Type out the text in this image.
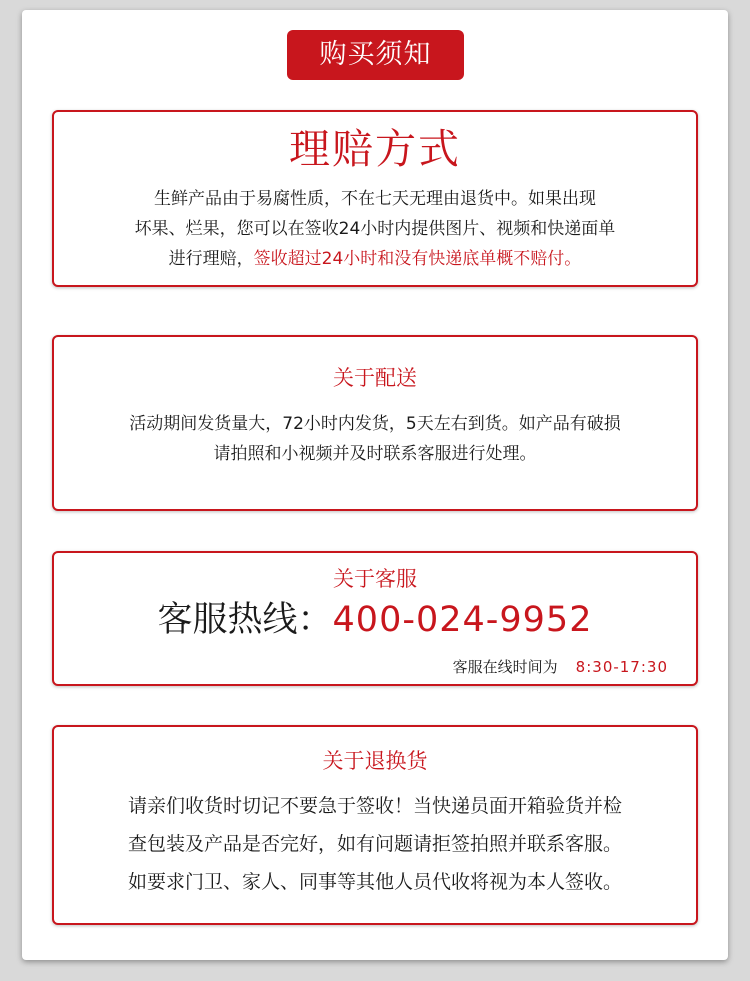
购买须知
理赔方式
生鲜产品由于易腐性质，不在七天无理由退货中。如果出现
坏果、烂果，您可以在签收24小时内提供图片、视频和快递面单
进行理赔，签收超过24小时和没有快递底单概不赔付。
关于配送
活动期间发货量大，72小时内发货，5天左右到货。如产品有破损
请拍照和小视频并及时联系客服进行处理。
关于客服
客服热线：400-024-9952
客服在线时间为 8:30-17:30
关于退换货
请亲们收货时切记不要急于签收！当快递员面开箱验货并检
查包装及产品是否完好，如有问题请拒签拍照并联系客服。
如要求门卫、家人、同事等其他人员代收将视为本人签收。
